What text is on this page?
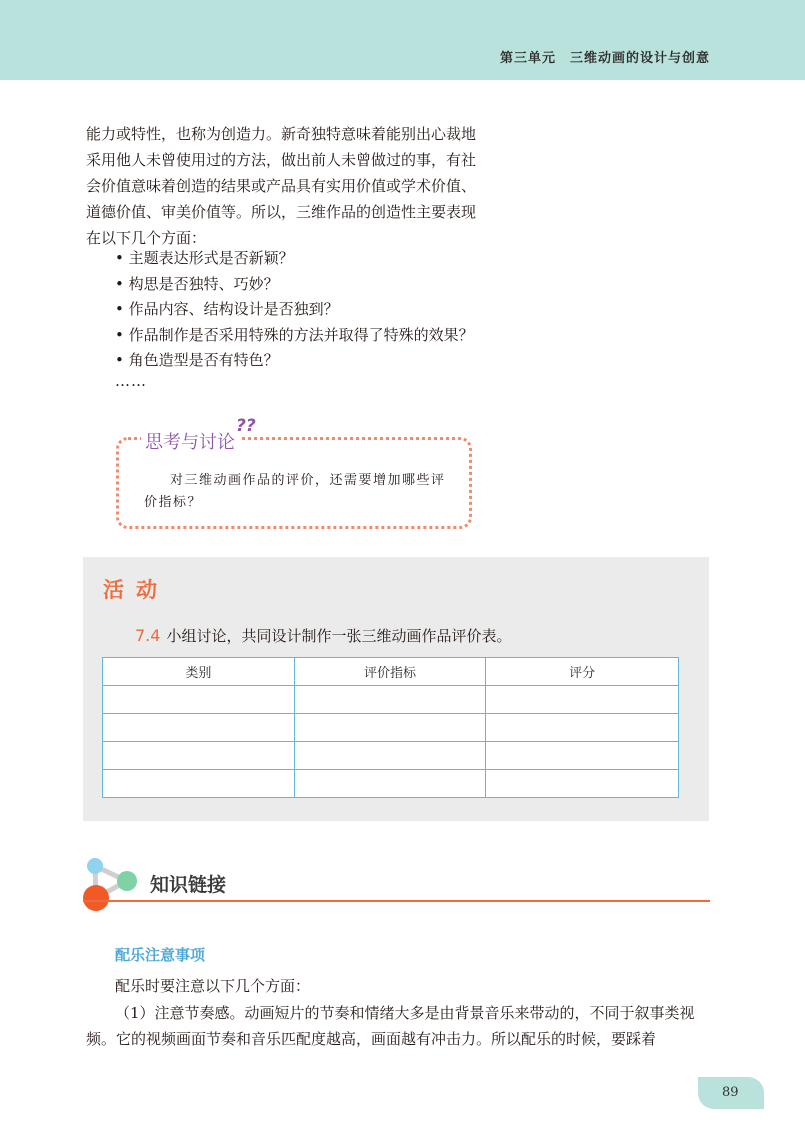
第三单元　三维动画的设计与创意

能力或特性，也称为创造力。新奇独特意味着能别出心裁地

采用他人未曾使用过的方法，做出前人未曾做过的事，有社

会价值意味着创造的结果或产品具有实用价值或学术价值、

道德价值、审美价值等。所以，三维作品的创造性主要表现

在以下几个方面：

• 主题表达形式是否新颖？
• 构思是否独特、巧妙？
• 作品内容、结构设计是否独到？
• 作品制作是否采用特殊的方法并取得了特殊的效果？
• 角色造型是否有特色？
……
思考与讨论
??
对三维动画作品的评价，还需要增加哪些评价指标？
活动
7.4 小组讨论，共同设计制作一张三维动画作品评价表。
类别	评价指标	评分

知识链接
配乐注意事项
配乐时要注意以下几个方面：

（1）注意节奏感。动画短片的节奏和情绪大多是由背景音乐来带动的，不同于叙事类视频。它的视频画面节奏和音乐匹配度越高，画面越有冲击力。所以配乐的时候，要踩着

89
